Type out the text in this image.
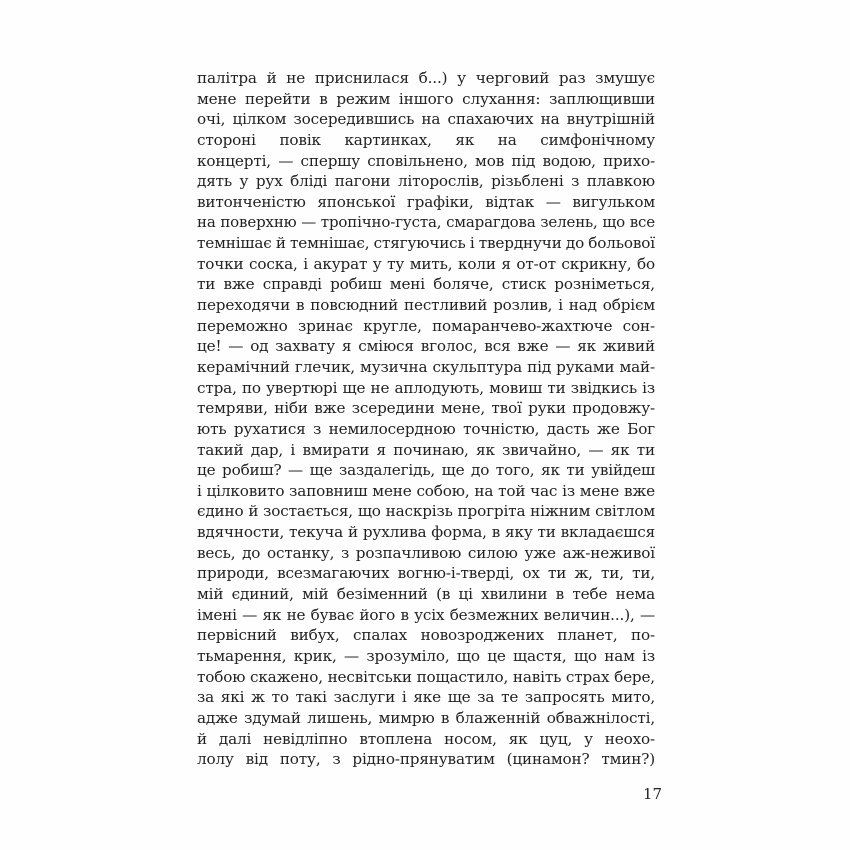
палітра й не приснилася б...) у черговий раз змушує
мене перейти в режим іншого слухання: заплющивши
очі, цілком зосередившись на спахаючих на внутрішній
стороні повік картинках, як на симфонічному
концерті, — спершу сповільнено, мов під водою, прихо-
дять у рух бліді пагони літорослів, різьблені з плавкою
витонченістю японської графіки, відтак — вигульком
на поверхню — тропічно-густа, смарагдова зелень, що все
темнішає й темнішає, стягуючись і тверднучи до больової
точки соска, і акурат у ту мить, коли я от-от скрикну, бо
ти вже справді робиш мені боляче, стиск розніметься,
переходячи в повсюдний пестливий розлив, і над обрієм
переможно зринає кругле, помаранчево-жахтюче сон-
це! — од захвату я сміюся вголос, вся вже — як живий
керамічний глечик, музична скульптура під руками май-
стра, по увертюрі ще не аплодують, мовиш ти звідкись із
темряви, ніби вже зсередини мене, твої руки продовжу-
ють рухатися з немилосердною точністю, дасть же Бог
такий дар, і вмирати я починаю, як звичайно, — як ти
це робиш? — ще заздалегідь, ще до того, як ти увійдеш
і цілковито заповниш мене собою, на той час із мене вже
єдино й зостається, що наскрізь прогріта ніжним світлом
вдячности, текуча й рухлива форма, в яку ти вкладаєшся
весь, до останку, з розпачливою силою уже аж-неживої
природи, всезмагаючих вогню-і-тверді, ох ти ж, ти, ти,
мій єдиний, мій безіменний (в ці хвилини в тебе нема
імені — як не буває його в усіх безмежних величин...), —
первісний вибух, спалах новозроджених планет, по-
тьмарення, крик, — зрозуміло, що це щастя, що нам із
тобою скажено, несвітськи пощастило, навіть страх бере,
за які ж то такі заслуги і яке ще за те запросять мито,
адже здумай лишень, мимрю в блаженній обважнілості,
й далі невідлiпно втоплена носом, як цуц, у неохо-
лолу від поту, з рідно-прянуватим (цинамон? тмин?)
17
